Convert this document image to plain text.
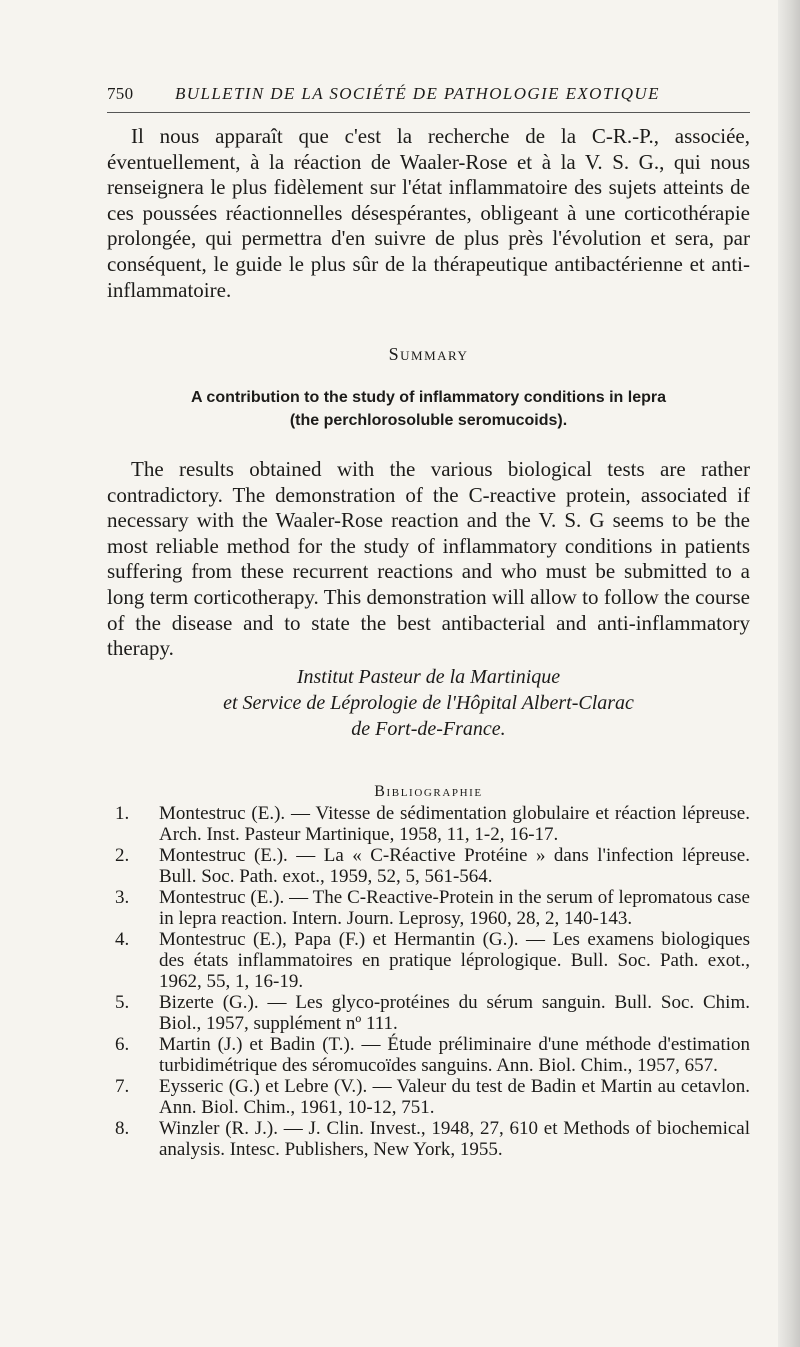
750 BULLETIN DE LA SOCIÉTÉ DE PATHOLOGIE EXOTIQUE

Il nous apparaît que c'est la recherche de la C-R.-P., associée, éventuellement, à la réaction de Waaler-Rose et à la V. S. G., qui nous renseignera le plus fidèlement sur l'état inflammatoire des sujets atteints de ces poussées réactionnelles désespérantes, obligeant à une corticothérapie prolongée, qui permettra d'en suivre de plus près l'évolution et sera, par conséquent, le guide le plus sûr de la thérapeutique antibactérienne et anti-inflammatoire.

Summary
A contribution to the study of inflammatory conditions in lepra
(the perchlorosoluble seromucoids).

The results obtained with the various biological tests are rather contradictory. The demonstration of the C-reactive protein, associated if necessary with the Waaler-Rose reaction and the V. S. G seems to be the most reliable method for the study of inflammatory conditions in patients suffering from these recurrent reactions and who must be submitted to a long term corticotherapy. This demonstration will allow to follow the course of the disease and to state the best antibacterial and anti-inflammatory therapy.

Institut Pasteur de la Martinique
et Service de Léprologie de l'Hôpital Albert-Clarac
de Fort-de-France.
Bibliographie
1. Montestruc (E.). — Vitesse de sédimentation globulaire et réaction lépreuse. Arch. Inst. Pasteur Martinique, 1958, 11, 1-2, 16-17.
2. Montestruc (E.). — La « C-Réactive Protéine » dans l'infection lépreuse. Bull. Soc. Path. exot., 1959, 52, 5, 561-564.
3. Montestruc (E.). — The C-Reactive-Protein in the serum of lepromatous case in lepra reaction. Intern. Journ. Leprosy, 1960, 28, 2, 140-143.
4. Montestruc (E.), Papa (F.) et Hermantin (G.). — Les examens biologiques des états inflammatoires en pratique léprologique. Bull. Soc. Path. exot., 1962, 55, 1, 16-19.
5. Bizerte (G.). — Les glyco-protéines du sérum sanguin. Bull. Soc. Chim. Biol., 1957, supplément nº 111.
6. Martin (J.) et Badin (T.). — Étude préliminaire d'une méthode d'estimation turbidimétrique des séromucoïdes sanguins. Ann. Biol. Chim., 1957, 657.
7. Eysseric (G.) et Lebre (V.). — Valeur du test de Badin et Martin au cetavlon. Ann. Biol. Chim., 1961, 10-12, 751.
8. Winzler (R. J.). — J. Clin. Invest., 1948, 27, 610 et Methods of biochemical analysis. Intesc. Publishers, New York, 1955.
